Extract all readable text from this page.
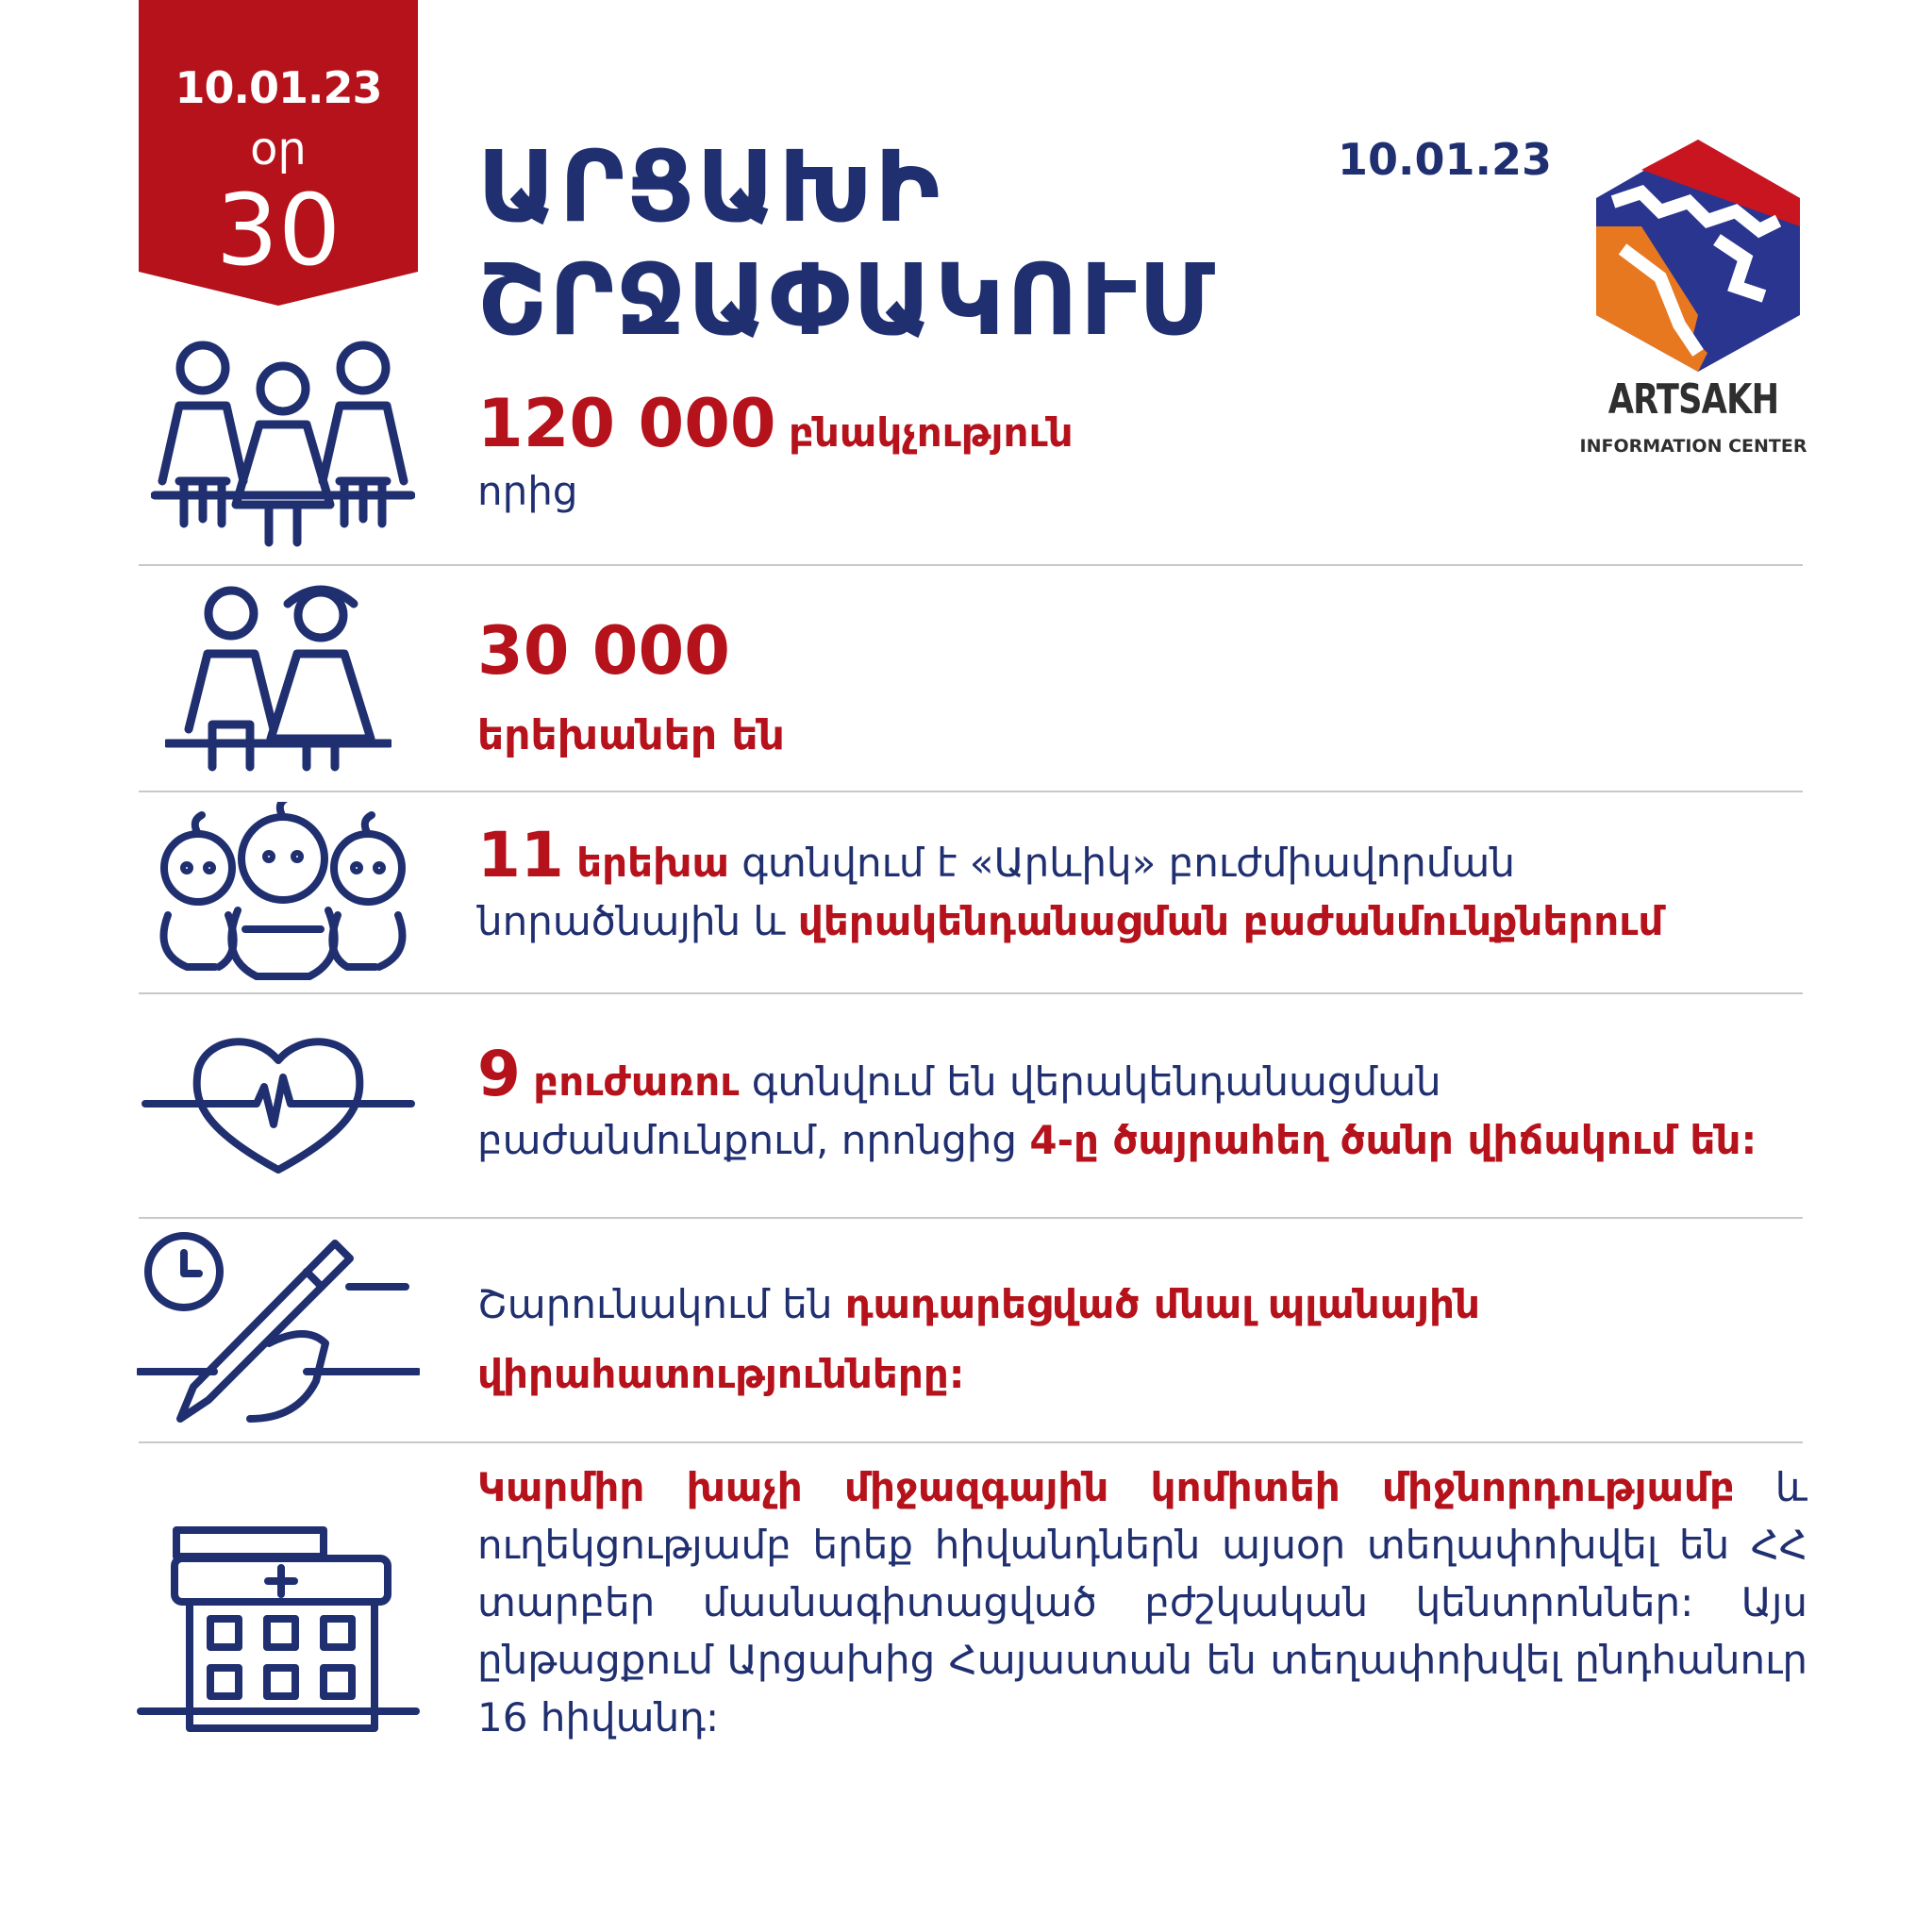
10.01.23
օր
30	ԱՐՑԱԽԻ
ՇՐՋԱՓԱԿՈՒՄ
10.01.23
ARTSAKH
INFORMATION CENTER
120 000 բնակչություն
որից
30 000
երեխաներ են
11 երեխա գտնվում է «Արևիկ» բուժմիավորման
նորածնային և վերակենդանացման բաժանմունքներում
9 բուժառու գտնվում են վերակենդանացման
բաժանմունքում, որոնցից 4-ը ծայրահեղ ծանր վիճակում են:
Շարունակում են դադարեցված մնալ պլանային
վիրահատությունները:
Կարմիր խաչի միջազգային կոմիտեի միջնորդությամբ և ուղեկցությամբ երեք հիվանդներն այսօր տեղափոխվել են ՀՀ տարբեր մասնագիտացված բժշկական կենտրոններ: Այս ընթացքում Արցախից Հայաստան են տեղափոխվել ընդհանուր 16 հիվանդ:
